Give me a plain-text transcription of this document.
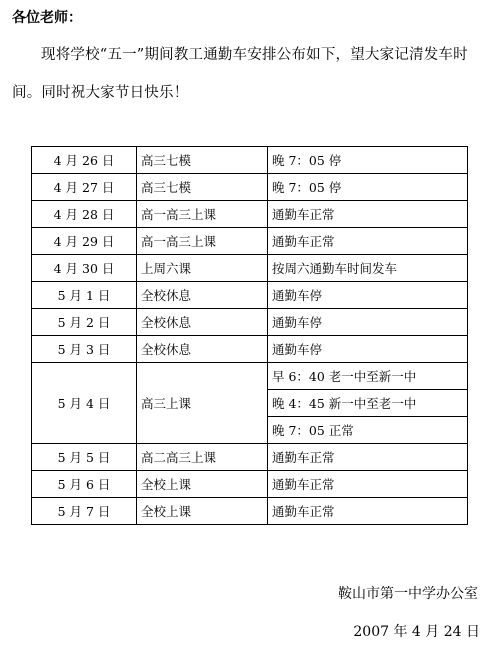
各位老师：
现将学校“五一”期间教工通勤车安排公布如下，望大家记清发车时间。同时祝大家节日快乐！
4 月 26 日	高三七模	晚 7：05 停
4 月 27 日	高三七模	晚 7：05 停
4 月 28 日	高一高三上课	通勤车正常
4 月 29 日	高一高三上课	通勤车正常
4 月 30 日	上周六课	按周六通勤车时间发车
5 月 1 日	全校休息	通勤车停
5 月 2 日	全校休息	通勤车停
5 月 3 日	全校休息	通勤车停
5 月 4 日	高三上课	早 6：40 老一中至新一中
		晚 4：45 新一中至老一中
		晚 7：05 正常
5 月 5 日	高二高三上课	通勤车正常
5 月 6 日	全校上课	通勤车正常
5 月 7 日	全校上课	通勤车正常
鞍山市第一中学办公室
2007 年 4 月 24 日
